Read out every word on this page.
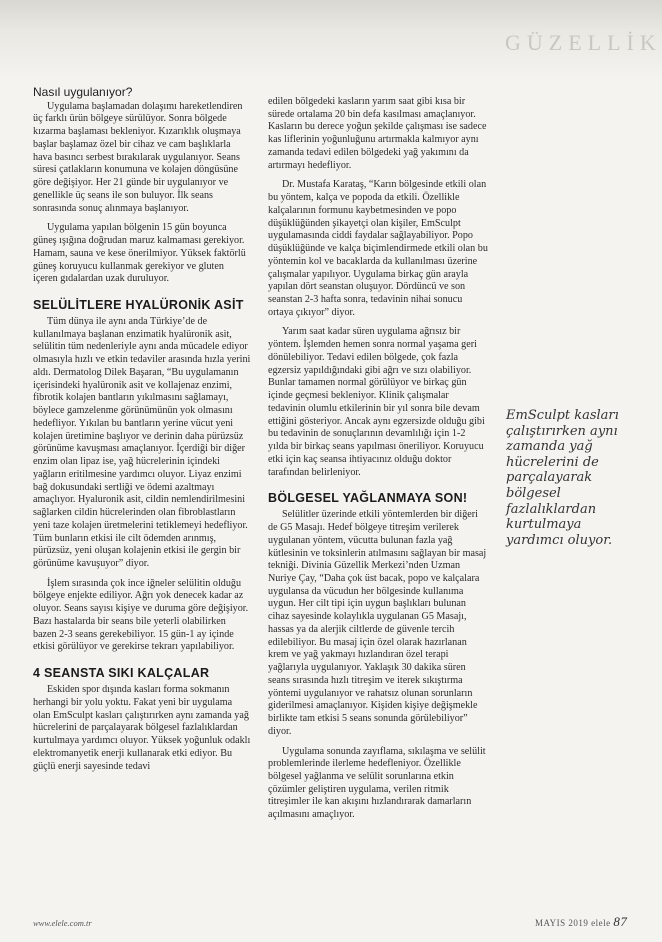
GÜZELLİK
Nasıl uygulanıyor?

Uygulama başlamadan dolaşımı hareketlendiren üç farklı ürün bölgeye sürülüyor. Sonra bölgede kızarma başlaması bekleniyor. Kızarıklık oluşmaya başlar başlamaz özel bir cihaz ve cam başlıklarla hava basıncı serbest bırakılarak uygulanıyor. Seans süresi çatlakların konumuna ve kolajen döngüsüne göre değişiyor. Her 21 günde bir uygulanıyor ve genellikle üç seans ile son buluyor. İlk seans sonrasında sonuç alınmaya başlanıyor.

Uygulama yapılan bölgenin 15 gün boyunca güneş ışığına doğrudan maruz kalmaması gerekiyor. Hamam, sauna ve kese önerilmiyor. Yüksek faktörlü güneş koruyucu kullanmak gerekiyor ve gluten içeren gıdalardan uzak duruluyor.

SELÜLİTLERE HYALÜRONİK ASİT

Tüm dünya ile aynı anda Türkiye’de de kullanılmaya başlanan enzimatik hyalüronik asit, selülitin tüm nedenleriyle aynı anda mücadele ediyor olmasıyla hızlı ve etkin tedaviler arasında hızla yerini aldı. Dermatolog Dilek Başaran, “Bu uygulamanın içerisindeki hyalüronik asit ve kollajenaz enzimi, fibrotik kolajen bantların yıkılmasını sağlamayı, böylece gamzelenme görünümünün yok olmasını hedefliyor. Yıkılan bu bantların yerine vücut yeni kolajen üretimine başlıyor ve derinin daha pürüzsüz görünüme kavuşması amaçlanıyor. İçerdiği bir diğer enzim olan lipaz ise, yağ hücrelerinin içindeki yağların eritilmesine yardımcı oluyor. Liyaz enzimi bağ dokusundaki sertliği ve ödemi azaltmayı amaçlıyor. Hyaluronik asit, cildin nemlendirilmesini sağlarken cildin hücrelerinden olan fibroblastların yeni taze kolajen üretmelerini tetiklemeyi hedefliyor. Tüm bunların etkisi ile cilt ödemden arınmış, pürüzsüz, yeni oluşan kolajenin etkisi ile gergin bir görünüme kavuşuyor” diyor.

İşlem sırasında çok ince iğneler selülitin olduğu bölgeye enjekte ediliyor. Ağrı yok denecek kadar az oluyor. Seans sayısı kişiye ve duruma göre değişiyor. Bazı hastalarda bir seans bile yeterli olabilirken bazen 2-3 seans gerekebiliyor. 15 gün-1 ay içinde etkisi görülüyor ve gerekirse tekrarı yapılabiliyor.

4 SEANSTA SIKI KALÇALAR

Eskiden spor dışında kasları forma sokmanın herhangi bir yolu yoktu. Fakat yeni bir uygulama olan EmSculpt kasları çalıştırırken aynı zamanda yağ hücrelerini de parçalayarak bölgesel fazlalıklardan kurtulmaya yardımcı oluyor. Yüksek yoğunluk odaklı elektromanyetik enerji kullanarak etki ediyor. Bu güçlü enerji sayesinde tedavi

edilen bölgedeki kasların yarım saat gibi kısa bir sürede ortalama 20 bin defa kasılması amaçlanıyor. Kasların bu derece yoğun şekilde çalışması ise sadece kas liflerinin yoğunluğunu artırmakla kalmıyor aynı zamanda tedavi edilen bölgedeki yağ yakımını da artırmayı hedefliyor.

Dr. Mustafa Karataş, “Karın bölgesinde etkili olan bu yöntem, kalça ve popoda da etkili. Özellikle kalçalarının formunu kaybetmesinden ve popo düşüklüğünden şikayetçi olan kişiler, EmSculpt uygulamasında ciddi faydalar sağlayabiliyor. Popo düşüklüğünde ve kalça biçimlendirmede etkili olan bu yöntemin kol ve bacaklarda da kullanılması üzerine çalışmalar yapılıyor. Uygulama birkaç gün arayla yapılan dört seanstan oluşuyor. Dördüncü ve son seanstan 2-3 hafta sonra, tedavinin nihai sonucu ortaya çıkıyor” diyor.

Yarım saat kadar süren uygulama ağrısız bir yöntem. İşlemden hemen sonra normal yaşama geri dönülebiliyor. Tedavi edilen bölgede, çok fazla egzersiz yapıldığındaki gibi ağrı ve sızı olabiliyor. Bunlar tamamen normal görülüyor ve birkaç gün içinde geçmesi bekleniyor. Klinik çalışmalar tedavinin olumlu etkilerinin bir yıl sonra bile devam ettiğini gösteriyor. Ancak aynı egzersizde olduğu gibi bu tedavinin de sonuçlarının devamlılığı için 1-2 yılda bir birkaç seans yapılması öneriliyor. Koruyucu etki için kaç seansa ihtiyacınız olduğu doktor tarafından belirleniyor.

BÖLGESEL YAĞLANMAYA SON!

Selülitler üzerinde etkili yöntemlerden bir diğeri de G5 Masajı. Hedef bölgeye titreşim verilerek uygulanan yöntem, vücutta bulunan fazla yağ kütlesinin ve toksinlerin atılmasını sağlayan bir masaj tekniği. Divinia Güzellik Merkezi’nden Uzman Nuriye Çay, “Daha çok üst bacak, popo ve kalçalara uygulansa da vücudun her bölgesinde kullanıma uygun. Her cilt tipi için uygun başlıkları bulunan cihaz sayesinde kolaylıkla uygulanan G5 Masajı, hassas ya da alerjik ciltlerde de güvenle tercih edilebiliyor. Bu masaj için özel olarak hazırlanan krem ve yağ yakmayı hızlandıran özel terapi yağlarıyla uygulanıyor. Yaklaşık 30 dakika süren seans sırasında hızlı titreşim ve iterek sıkıştırma yöntemi uygulanıyor ve rahatsız olunan sorunların giderilmesi amaçlanıyor. Kişiden kişiye değişmekle birlikte tam etkisi 5 seans sonunda görülebiliyor” diyor.

Uygulama sonunda zayıflama, sıkılaşma ve selülit problemlerinde ilerleme hedefleniyor. Özellikle bölgesel yağlanma ve selülit sorunlarına etkin çözümler geliştiren uygulama, verilen ritmik titreşimler ile kan akışını hızlandırarak damarların açılmasını amaçlıyor.

EmSculpt kasları çalıştırırken aynı zamanda yağ hücrelerini de parçalayarak bölgesel fazlalıklardan kurtulmaya yardımcı oluyor.
www.elele.com.tr	MAYIS 2019 elele 87
